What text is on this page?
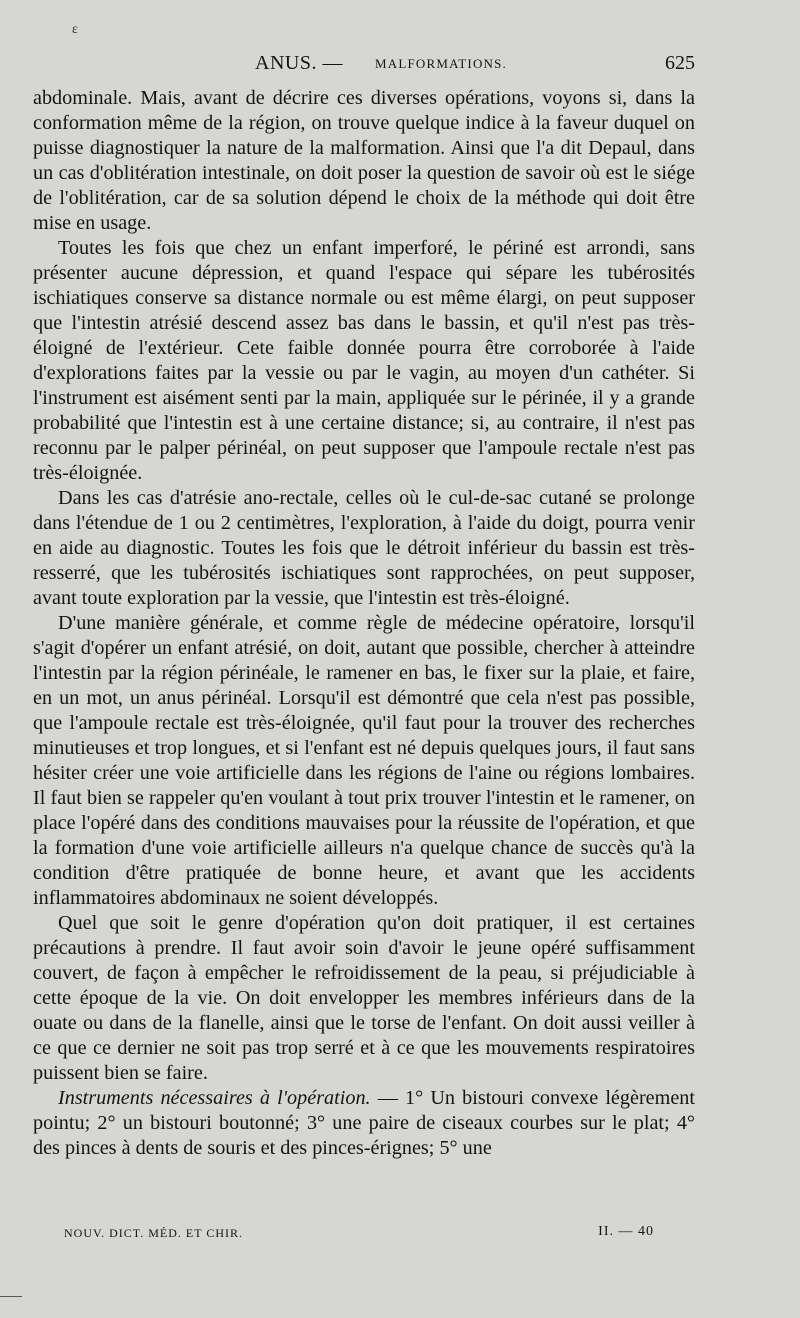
ε
ANUS. — MALFORMATIONS.	625

abdominale. Mais, avant de décrire ces diverses opérations, voyons si, dans la conformation même de la région, on trouve quelque indice à la faveur duquel on puisse diagnostiquer la nature de la malformation. Ainsi que l'a dit Depaul, dans un cas d'oblitération intestinale, on doit poser la question de savoir où est le siége de l'oblitération, car de sa solution dépend le choix de la méthode qui doit être mise en usage.

Toutes les fois que chez un enfant imperforé, le périné est arrondi, sans présenter aucune dépression, et quand l'espace qui sépare les tubérosités ischiatiques conserve sa distance normale ou est même élargi, on peut supposer que l'intestin atrésié descend assez bas dans le bassin, et qu'il n'est pas très-éloigné de l'extérieur. Cete faible donnée pourra être corroborée à l'aide d'explorations faites par la vessie ou par le vagin, au moyen d'un cathéter. Si l'instrument est aisément senti par la main, appliquée sur le périnée, il y a grande probabilité que l'intestin est à une certaine distance; si, au contraire, il n'est pas reconnu par le palper périnéal, on peut supposer que l'ampoule rectale n'est pas très-éloignée.

Dans les cas d'atrésie ano-rectale, celles où le cul-de-sac cutané se prolonge dans l'étendue de 1 ou 2 centimètres, l'exploration, à l'aide du doigt, pourra venir en aide au diagnostic. Toutes les fois que le détroit inférieur du bassin est très-resserré, que les tubérosités ischiatiques sont rapprochées, on peut supposer, avant toute exploration par la vessie, que l'intestin est très-éloigné.

D'une manière générale, et comme règle de médecine opératoire, lorsqu'il s'agit d'opérer un enfant atrésié, on doit, autant que possible, chercher à atteindre l'intestin par la région périnéale, le ramener en bas, le fixer sur la plaie, et faire, en un mot, un anus périnéal. Lorsqu'il est démontré que cela n'est pas possible, que l'ampoule rectale est très-éloignée, qu'il faut pour la trouver des recherches minutieuses et trop longues, et si l'enfant est né depuis quelques jours, il faut sans hésiter créer une voie artificielle dans les régions de l'aine ou régions lombaires. Il faut bien se rappeler qu'en voulant à tout prix trouver l'intestin et le ramener, on place l'opéré dans des conditions mauvaises pour la réussite de l'opération, et que la formation d'une voie artificielle ailleurs n'a quelque chance de succès qu'à la condition d'être pratiquée de bonne heure, et avant que les accidents inflammatoires abdominaux ne soient développés.

Quel que soit le genre d'opération qu'on doit pratiquer, il est certaines précautions à prendre. Il faut avoir soin d'avoir le jeune opéré suffisamment couvert, de façon à empêcher le refroidissement de la peau, si préjudiciable à cette époque de la vie. On doit envelopper les membres inférieurs dans de la ouate ou dans de la flanelle, ainsi que le torse de l'enfant. On doit aussi veiller à ce que ce dernier ne soit pas trop serré et à ce que les mouvements respiratoires puissent bien se faire.

Instruments nécessaires à l'opération. — 1° Un bistouri convexe légèrement pointu; 2° un bistouri boutonné; 3° une paire de ciseaux courbes sur le plat; 4° des pinces à dents de souris et des pinces-érignes; 5° une

NOUV. DICT. MÉD. ET CHIR.	II. — 40
